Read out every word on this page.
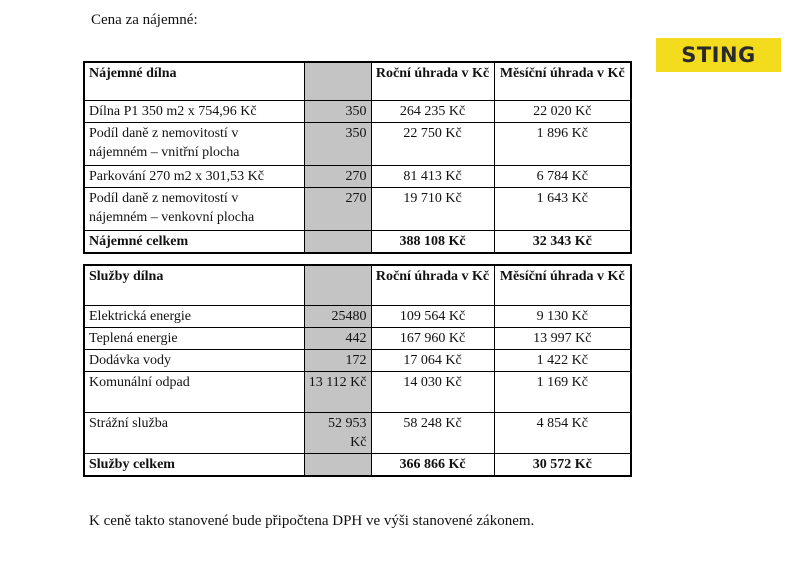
Cena za nájemné:
STING
Nájemné dílna		Roční úhrada v Kč	Měsíční úhrada v Kč
Dílna P1 350 m2 x 754,96 Kč	350	264 235 Kč	22 020 Kč
Podíl daně z nemovitostí v nájemném – vnitřní plocha	350	22 750 Kč	1 896 Kč
Parkování 270 m2 x 301,53 Kč	270	81 413 Kč	6 784 Kč
Podíl daně z nemovitostí v nájemném – venkovní plocha	270	19 710 Kč	1 643 Kč
Nájemné celkem		388 108 Kč	32 343 Kč
Služby dílna		Roční úhrada v Kč	Měsíční úhrada v Kč
Elektrická energie	25480	109 564 Kč	9 130 Kč
Teplená energie	442	167 960 Kč	13 997 Kč
Dodávka vody	172	17 064 Kč	1 422 Kč
Komunální odpad	13 112 Kč	14 030 Kč	1 169 Kč
Strážní služba	52 953 Kč	58 248 Kč	4 854 Kč
Služby celkem		366 866 Kč	30 572 Kč
K ceně takto stanovené bude připočtena DPH ve výši stanovené zákonem.
